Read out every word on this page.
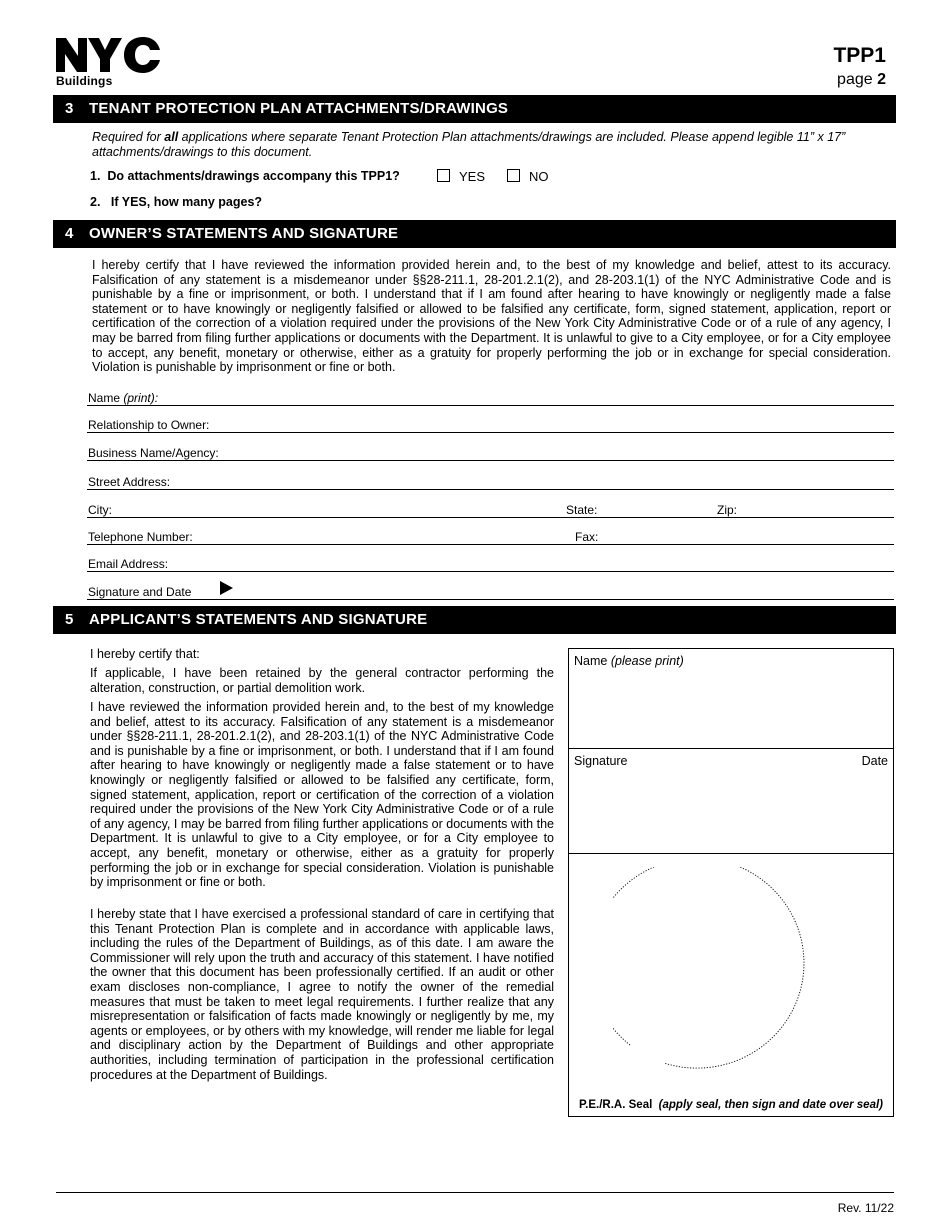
Buildings
TPP1
page 2
3 TENANT PROTECTION PLAN ATTACHMENTS/DRAWINGS
Required for all applications where separate Tenant Protection Plan attachments/drawings are included. Please append legible 11” x 17” attachments/drawings to this document.
1. Do attachments/drawings accompany this TPP1?	YES	NO
2. If YES, how many pages?
4 OWNER’S STATEMENTS AND SIGNATURE
I hereby certify that I have reviewed the information provided herein and, to the best of my knowledge and belief, attest to its accuracy. Falsification of any statement is a misdemeanor under §§28-211.1, 28-201.2.1(2), and 28-203.1(1) of the NYC Administrative Code and is punishable by a fine or imprisonment, or both. I understand that if I am found after hearing to have knowingly or negligently made a false statement or to have knowingly or negligently falsified or allowed to be falsified any certificate, form, signed statement, application, report or certification of the correction of a violation required under the provisions of the New York City Administrative Code or of a rule of any agency, I may be barred from filing further applications or documents with the Department. It is unlawful to give to a City employee, or for a City employee to accept, any benefit, monetary or otherwise, either as a gratuity for properly performing the job or in exchange for special consideration. Violation is punishable by imprisonment or fine or both.
Name (print):
Relationship to Owner:
Business Name/Agency:
Street Address:
City:	State:	Zip:
Telephone Number:	Fax:
Email Address:
Signature and Date
5 APPLICANT’S STATEMENTS AND SIGNATURE
I hereby certify that:
If applicable, I have been retained by the general contractor performing the alteration, construction, or partial demolition work.
I have reviewed the information provided herein and, to the best of my knowledge and belief, attest to its accuracy. Falsification of any statement is a misdemeanor under §§28-211.1, 28-201.2.1(2), and 28-203.1(1) of the NYC Administrative Code and is punishable by a fine or imprisonment, or both. I understand that if I am found after hearing to have knowingly or negligently made a false statement or to have knowingly or negligently falsified or allowed to be falsified any certificate, form, signed statement, application, report or certification of the correction of a violation required under the provisions of the New York City Administrative Code or of a rule of any agency, I may be barred from filing further applications or documents with the Department. It is unlawful to give to a City employee, or for a City employee to accept, any benefit, monetary or otherwise, either as a gratuity for properly performing the job or in exchange for special consideration. Violation is punishable by imprisonment or fine or both.
I hereby state that I have exercised a professional standard of care in certifying that this Tenant Protection Plan is complete and in accordance with applicable laws, including the rules of the Department of Buildings, as of this date. I am aware the Commissioner will rely upon the truth and accuracy of this statement. I have notified the owner that this document has been professionally certified. If an audit or other exam discloses non-compliance, I agree to notify the owner of the remedial measures that must be taken to meet legal requirements. I further realize that any misrepresentation or falsification of facts made knowingly or negligently by me, my agents or employees, or by others with my knowledge, will render me liable for legal and disciplinary action by the Department of Buildings and other appropriate authorities, including termination of participation in the professional certification procedures at the Department of Buildings.
Name (please print)
Signature	Date
P.E./R.A. Seal (apply seal, then sign and date over seal)
Rev. 11/22
